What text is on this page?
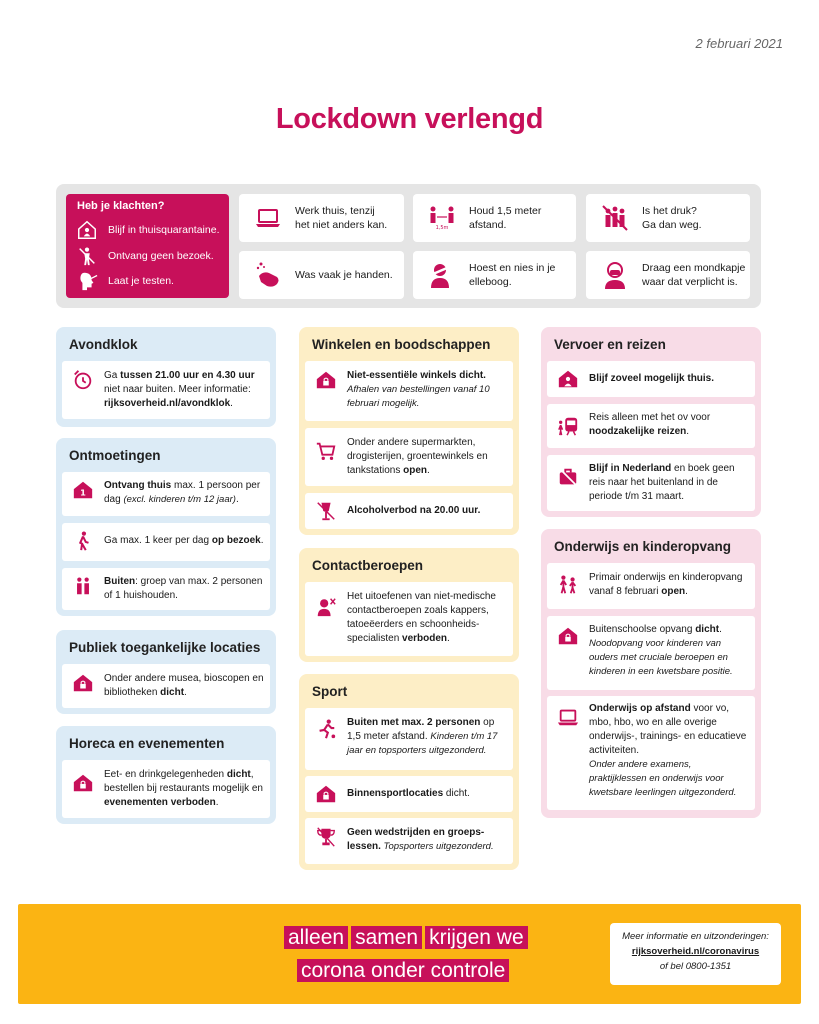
2 februari 2021
Lockdown verlengd
Heb je klachten?
Blijf in thuisquarantaine.
Ontvang geen bezoek.
Laat je testen.
Werk thuis, tenzij
het niet anders kan.	1,5m
Houd 1,5 meter
afstand.
Is het druk?
Ga dan weg.
Was vaak je handen.
Hoest en nies in je
elleboog.
Draag een mondkapje
waar dat verplicht is.
Avondklok
Ga tussen 21.00 uur en 4.30 uur niet naar buiten. Meer informatie: rijksoverheid.nl/avondklok.
Ontmoetingen
1
Ontvang thuis max. 1 persoon per dag (excl. kinderen t/m 12 jaar).
Ga max. 1 keer per dag op bezoek.
Buiten: groep van max. 2 personen of 1 huishouden.
Publiek toegankelijke locaties
Onder andere musea, bioscopen en bibliotheken dicht.
Horeca en evenementen
Eet- en drinkgelegenheden dicht, bestellen bij restaurants mogelijk en evenementen verboden.
Winkelen en boodschappen
Niet-essentiële winkels dicht.
Afhalen van bestellingen vanaf 10 februari mogelijk.
Onder andere supermarkten, drogisterijen, groentewinkels en tankstations open.
Alcoholverbod na 20.00 uur.
Contactberoepen
Het uitoefenen van niet-medische contactberoepen zoals kappers, tatoeëerders en schoonheids-specialisten verboden.
Sport
Buiten met max. 2 personen op 1,5 meter afstand. Kinderen t/m 17 jaar en topsporters uitgezonderd.
Binnensportlocaties dicht.
Geen wedstrijden en groeps-lessen. Topsporters uitgezonderd.
Vervoer en reizen
Blijf zoveel mogelijk thuis.
Reis alleen met het ov voor noodzakelijke reizen.
Blijf in Nederland en boek geen reis naar het buitenland in de periode t/m 31 maart.
Onderwijs en kinderopvang
Primair onderwijs en kinderopvang vanaf 8 februari open.
Buitenschoolse opvang dicht.
Noodopvang voor kinderen van ouders met cruciale beroepen en kinderen in een kwetsbare positie.
Onderwijs op afstand voor vo, mbo, hbo, wo en alle overige onderwijs-, trainings- en educatieve activiteiten.
Onder andere examens, praktijklessen en onderwijs voor kwetsbare leerlingen uitgezonderd.
alleen samen krijgen we
corona onder controle
Meer informatie en uitzonderingen:
rijksoverheid.nl/coronavirus
of bel 0800-1351
